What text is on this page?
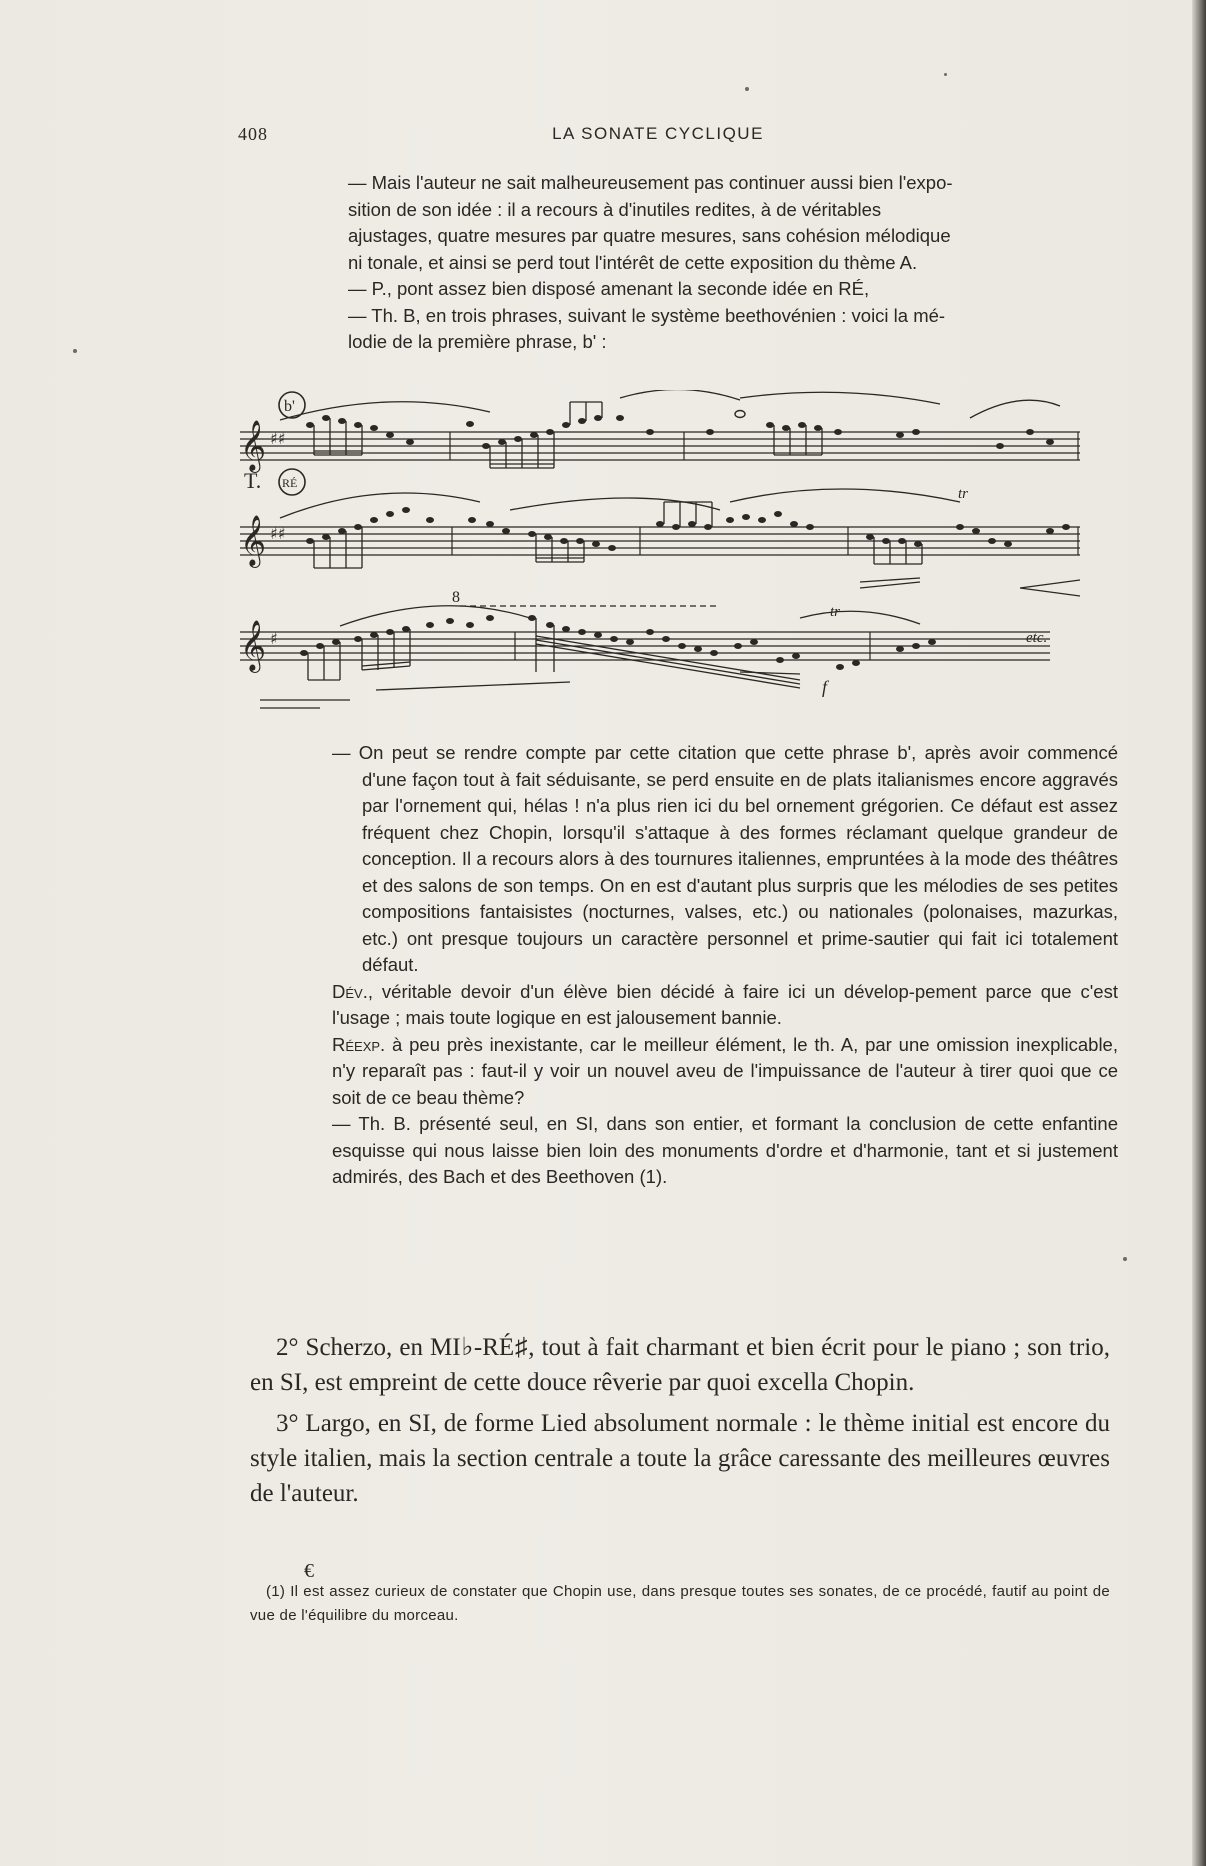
408	LA SONATE CYCLIQUE

— Mais l'auteur ne sait malheureusement pas continuer aussi bien l'expo-

sition de son idée : il a recours à d'inutiles redites, à de véritables

ajustages, quatre mesures par quatre mesures, sans cohésion mélodique

ni tonale, et ainsi se perd tout l'intérêt de cette exposition du thème A.

— P., pont assez bien disposé amenant la seconde idée en RÉ,

— Th. B, en trois phrases, suivant le système beethovénien : voici la mé-

lodie de la première phrase, b' :

b'
T. RÉ
𝄞
𝄞
𝄞
♯♯
♯♯
♯
tr
8
tr
f
etc.

— On peut se rendre compte par cette citation que cette phrase b', après avoir commencé d'une façon tout à fait séduisante, se perd ensuite en de plats italianismes encore aggravés par l'ornement qui, hélas ! n'a plus rien ici du bel ornement grégorien. Ce défaut est assez fréquent chez Chopin, lorsqu'il s'attaque à des formes réclamant quelque grandeur de conception. Il a recours alors à des tournures italiennes, empruntées à la mode des théâtres et des salons de son temps. On en est d'autant plus surpris que les mélodies de ses petites compositions fantaisistes (nocturnes, valses, etc.) ou nationales (polonaises, mazurkas, etc.) ont presque toujours un caractère personnel et prime-sautier qui fait ici totalement défaut.

Dév., véritable devoir d'un élève bien décidé à faire ici un dévelop-pement parce que c'est l'usage ; mais toute logique en est jalousement bannie.

Réexp. à peu près inexistante, car le meilleur élément, le th. A, par une omission inexplicable, n'y reparaît pas : faut-il y voir un nouvel aveu de l'impuissance de l'auteur à tirer quoi que ce soit de ce beau thème?

— Th. B. présenté seul, en SI, dans son entier, et formant la conclusion de cette enfantine esquisse qui nous laisse bien loin des monuments d'ordre et d'harmonie, tant et si justement admirés, des Bach et des Beethoven (1).

2° Scherzo, en MI♭-RÉ♯, tout à fait charmant et bien écrit pour le piano ; son trio, en SI, est empreint de cette douce rêverie par quoi excella Chopin.

3° Largo, en SI, de forme Lied absolument normale : le thème initial est encore du style italien, mais la section centrale a toute la grâce caressante des meilleures œuvres de l'auteur.

€

(1) Il est assez curieux de constater que Chopin use, dans presque toutes ses sonates, de ce procédé, fautif au point de vue de l'équilibre du morceau.
